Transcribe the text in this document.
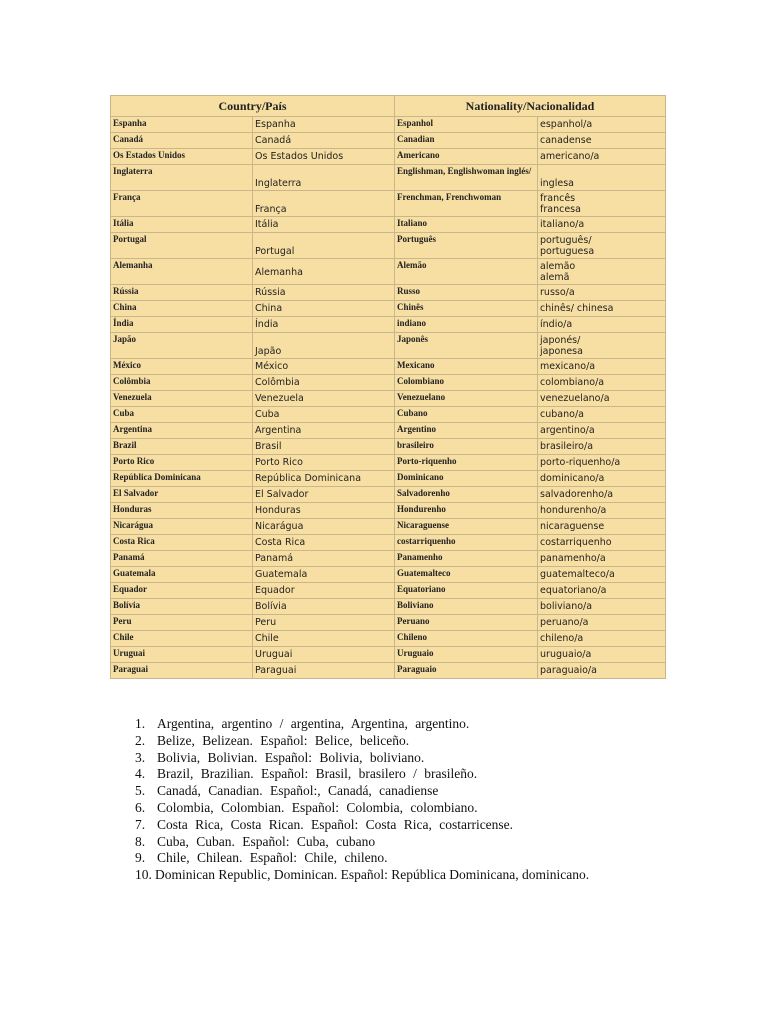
Country/País		Nationality/Nacionalidad	
Espanha	Espanha	Espanhol	espanhol/a
Canadá	Canadá	Canadian	canadense
Os Estados Unidos	Os Estados Unidos	Americano	americano/a
Inglaterra	Inglaterra	Englishman, Englishwoman inglés/	inglesa
França	França	Frenchman, Frenchwoman	francês
francesa
Itália	Itália	Italiano	italiano/a
Portugal	Portugal	Português	português/
portuguesa
Alemanha	Alemanha	Alemão	alemão
alemã
Rússia	Rússia	Russo	russo/a
China	China	Chinês	chinês/ chinesa
Índia	Índia	indiano	índio/a
Japão	Japão	Japonês	japonés/
japonesa
México	México	Mexicano	mexicano/a
Colômbia	Colômbia	Colombiano	colombiano/a
Venezuela	Venezuela	Venezuelano	venezuelano/a
Cuba	Cuba	Cubano	cubano/a
Argentina	Argentina	Argentino	argentino/a
Brazil	Brasil	brasileiro	brasileiro/a
Porto Rico	Porto Rico	Porto-riquenho	porto-riquenho/a
República Dominicana	República Dominicana	Dominicano	dominicano/a
El Salvador	El Salvador	Salvadorenho	salvadorenho/a
Honduras	Honduras	Hondurenho	hondurenho/a
Nicarágua	Nicarágua	Nicaraguense	nicaraguense
Costa Rica	Costa Rica	costarriquenho	costarriquenho
Panamá	Panamá	Panamenho	panamenho/a
Guatemala	Guatemala	Guatemalteco	guatemalteco/a
Equador	Equador	Equatoriano	equatoriano/a
Bolívia	Bolívia	Boliviano	boliviano/a
Peru	Peru	Peruano	peruano/a
Chile	Chile	Chileno	chileno/a
Uruguai	Uruguai	Uruguaio	uruguaio/a
Paraguai	Paraguai	Paraguaio	paraguaio/a
1. Argentina, argentino / argentina, Argentina, argentino.
2. Belize, Belizean. Español: Belice, beliceño.
3. Bolivia, Bolivian. Español: Bolivia, boliviano.
4. Brazil, Brazilian. Español: Brasil, brasilero / brasileño.
5. Canadá, Canadian. Español:, Canadá, canadiense
6. Colombia, Colombian. Español: Colombia, colombiano.
7. Costa Rica, Costa Rican. Español: Costa Rica, costarricense.
8. Cuba, Cuban. Español: Cuba, cubano
9. Chile, Chilean. Español: Chile, chileno.
10. Dominican Republic, Dominican. Español: República Dominicana, dominicano.
